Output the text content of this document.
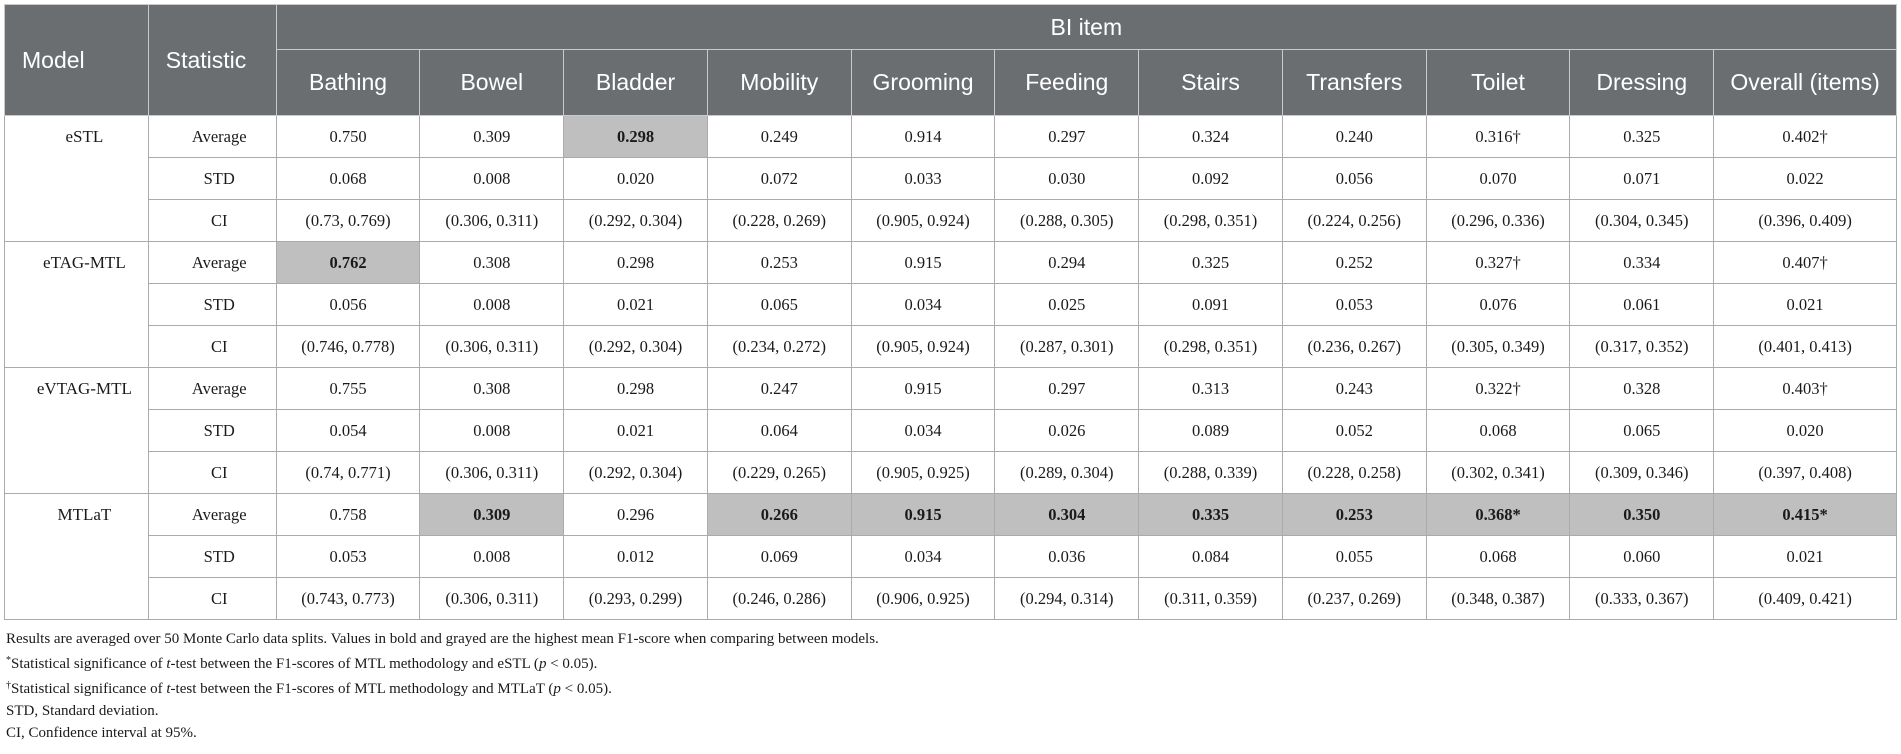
Model	Statistic	BI item										
		Bathing	Bowel	Bladder	Mobility	Grooming	Feeding	Stairs	Transfers	Toilet	Dressing	Overall (items)
eSTL	Average	0.750	0.309	0.298	0.249	0.914	0.297	0.324	0.240	0.316†	0.325	0.402†
	STD	0.068	0.008	0.020	0.072	0.033	0.030	0.092	0.056	0.070	0.071	0.022
	CI	(0.73, 0.769)	(0.306, 0.311)	(0.292, 0.304)	(0.228, 0.269)	(0.905, 0.924)	(0.288, 0.305)	(0.298, 0.351)	(0.224, 0.256)	(0.296, 0.336)	(0.304, 0.345)	(0.396, 0.409)
eTAG-MTL	Average	0.762	0.308	0.298	0.253	0.915	0.294	0.325	0.252	0.327†	0.334	0.407†
	STD	0.056	0.008	0.021	0.065	0.034	0.025	0.091	0.053	0.076	0.061	0.021
	CI	(0.746, 0.778)	(0.306, 0.311)	(0.292, 0.304)	(0.234, 0.272)	(0.905, 0.924)	(0.287, 0.301)	(0.298, 0.351)	(0.236, 0.267)	(0.305, 0.349)	(0.317, 0.352)	(0.401, 0.413)
eVTAG-MTL	Average	0.755	0.308	0.298	0.247	0.915	0.297	0.313	0.243	0.322†	0.328	0.403†
	STD	0.054	0.008	0.021	0.064	0.034	0.026	0.089	0.052	0.068	0.065	0.020
	CI	(0.74, 0.771)	(0.306, 0.311)	(0.292, 0.304)	(0.229, 0.265)	(0.905, 0.925)	(0.289, 0.304)	(0.288, 0.339)	(0.228, 0.258)	(0.302, 0.341)	(0.309, 0.346)	(0.397, 0.408)
MTLaT	Average	0.758	0.309	0.296	0.266	0.915	0.304	0.335	0.253	0.368*	0.350	0.415*
	STD	0.053	0.008	0.012	0.069	0.034	0.036	0.084	0.055	0.068	0.060	0.021
	CI	(0.743, 0.773)	(0.306, 0.311)	(0.293, 0.299)	(0.246, 0.286)	(0.906, 0.925)	(0.294, 0.314)	(0.311, 0.359)	(0.237, 0.269)	(0.348, 0.387)	(0.333, 0.367)	(0.409, 0.421)

Results are averaged over 50 Monte Carlo data splits. Values in bold and grayed are the highest mean F1-score when comparing between models.

*Statistical significance of t-test between the F1-scores of MTL methodology and eSTL (p < 0.05).

†Statistical significance of t-test between the F1-scores of MTL methodology and MTLaT (p < 0.05).

STD, Standard deviation.

CI, Confidence interval at 95%.
